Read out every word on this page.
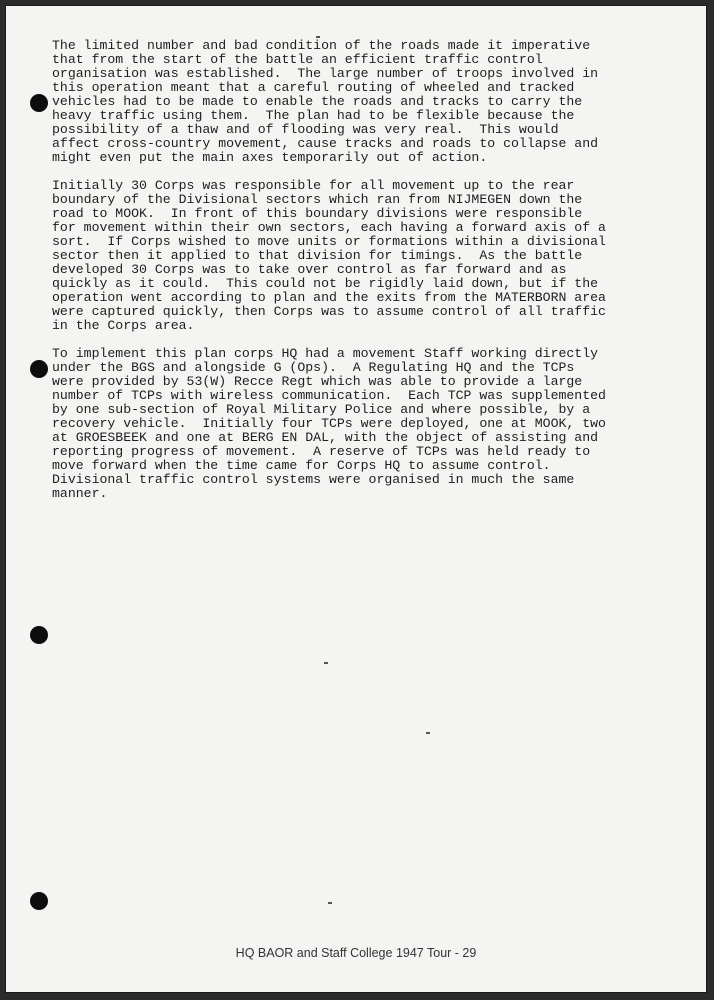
The limited number and bad condition of the roads made it imperative
that from the start of the battle an efficient traffic control
organisation was established.  The large number of troops involved in
this operation meant that a careful routing of wheeled and tracked
vehicles had to be made to enable the roads and tracks to carry the
heavy traffic using them.  The plan had to be flexible because the
possibility of a thaw and of flooding was very real.  This would
affect cross-country movement, cause tracks and roads to collapse and
might even put the main axes temporarily out of action.

Initially 30 Corps was responsible for all movement up to the rear
boundary of the Divisional sectors which ran from NIJMEGEN down the
road to MOOK.  In front of this boundary divisions were responsible
for movement within their own sectors, each having a forward axis of a
sort.  If Corps wished to move units or formations within a divisional
sector then it applied to that division for timings.  As the battle
developed 30 Corps was to take over control as far forward and as
quickly as it could.  This could not be rigidly laid down, but if the
operation went according to plan and the exits from the MATERBORN area
were captured quickly, then Corps was to assume control of all traffic
in the Corps area.

To implement this plan corps HQ had a movement Staff working directly
under the BGS and alongside G (Ops).  A Regulating HQ and the TCPs
were provided by 53(W) Recce Regt which was able to provide a large
number of TCPs with wireless communication.  Each TCP was supplemented
by one sub-section of Royal Military Police and where possible, by a
recovery vehicle.  Initially four TCPs were deployed, one at MOOK, two
at GROESBEEK and one at BERG EN DAL, with the object of assisting and
reporting progress of movement.  A reserve of TCPs was held ready to
move forward when the time came for Corps HQ to assume control.
Divisional traffic control systems were organised in much the same
manner.

HQ BAOR and Staff College 1947 Tour - 29
